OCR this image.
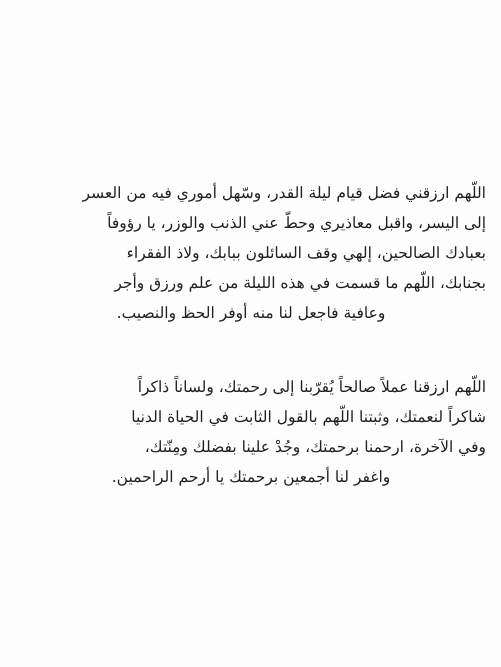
اللّهم ارزقني فضل قيام ليلة القدر، وسّهل أموري فيه من العسر
إلى اليسر، واقبل معاذيري وحطّ عني الذنب والوزر، يا رؤوفاً
بعبادك الصالحين، إلهي وقف السائلون ببابك، ولاذ الفقراء
بجنابك، اللّهم ما قسمت في هذه الليلة من علم ورزق وأجر
وعافية فاجعل لنا منه أوفر الحظ والنصيب.
اللّهم ارزقنا عملاً صالحاً يُقرّبنا إلى رحمتك، ولساناً ذاكراً
شاكراً لنعمتك، وثبتنا اللّهم بالقول الثابت في الحياة الدنيا
وفي الآخرة، ارحمنا برحمتك، وجُدْ علينا بفضلك ومِنّتك،
واغفر لنا أجمعين برحمتك يا أرحم الراحمين.
